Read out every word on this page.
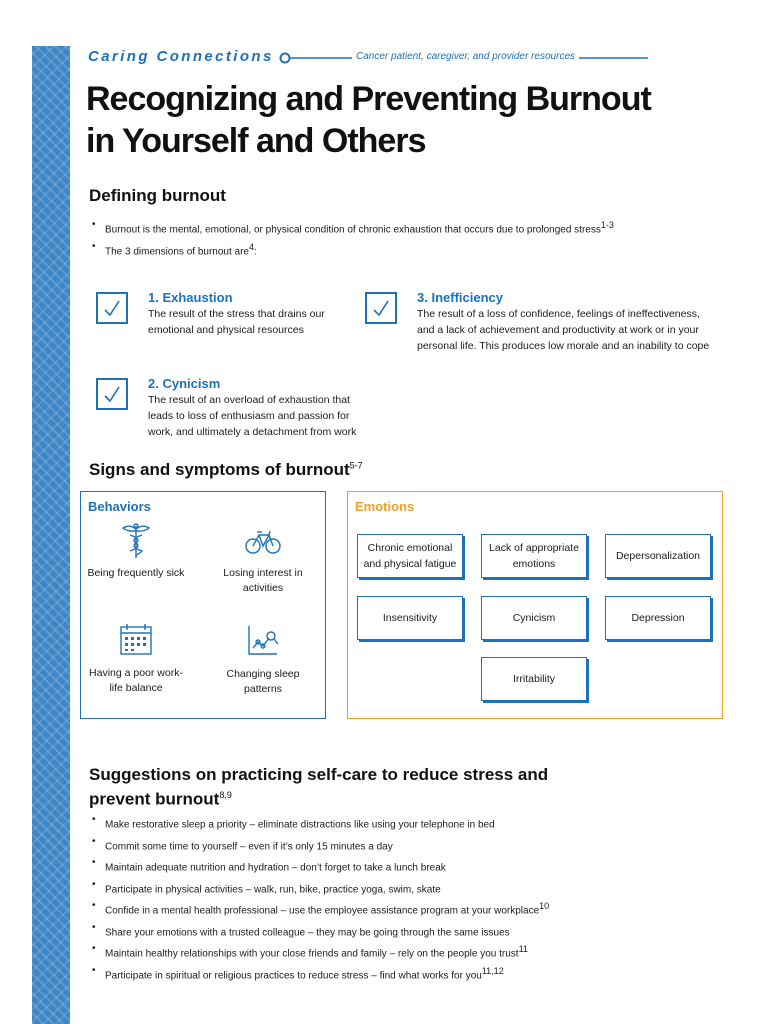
Caring Connections	Cancer patient, caregiver, and provider resources
Recognizing and Preventing Burnout
in Yourself and Others
Defining burnout
• Burnout is the mental, emotional, or physical condition of chronic exhaustion that occurs due to prolonged stress$^{1-3}$
• The 3 dimensions of burnout are$^4$:
1. Exhaustion
The result of the stress that drains our emotional and physical resources
2. Cynicism
The result of an overload of exhaustion that leads to loss of enthusiasm and passion for work, and ultimately a detachment from work
3. Inefficiency
The result of a loss of confidence, feelings of ineffectiveness, and a lack of achievement and productivity at work or in your personal life. This produces low morale and an inability to cope
Signs and symptoms of burnout$^{5-7}$
Behaviors
Being frequently sick	Losing interest in activities
Having a poor work-life balance
Changing sleep patterns
Emotions
Chronic emotional and physical fatigue
Lack of appropriate emotions
Depersonalization
Insensitivity	Cynicism	Depression
Irritability
Suggestions on practicing self-care to reduce stress and prevent burnout$^{8,9}$
• Make restorative sleep a priority – eliminate distractions like using your telephone in bed
• Commit some time to yourself – even if it’s only 15 minutes a day
• Maintain adequate nutrition and hydration – don’t forget to take a lunch break
• Participate in physical activities – walk, run, bike, practice yoga, swim, skate
• Confide in a mental health professional – use the employee assistance program at your workplace$^{10}$
• Share your emotions with a trusted colleague – they may be going through the same issues
• Maintain healthy relationships with your close friends and family – rely on the people you trust$^{11}$
• Participate in spiritual or religious practices to reduce stress – find what works for you$^{11,12}$
